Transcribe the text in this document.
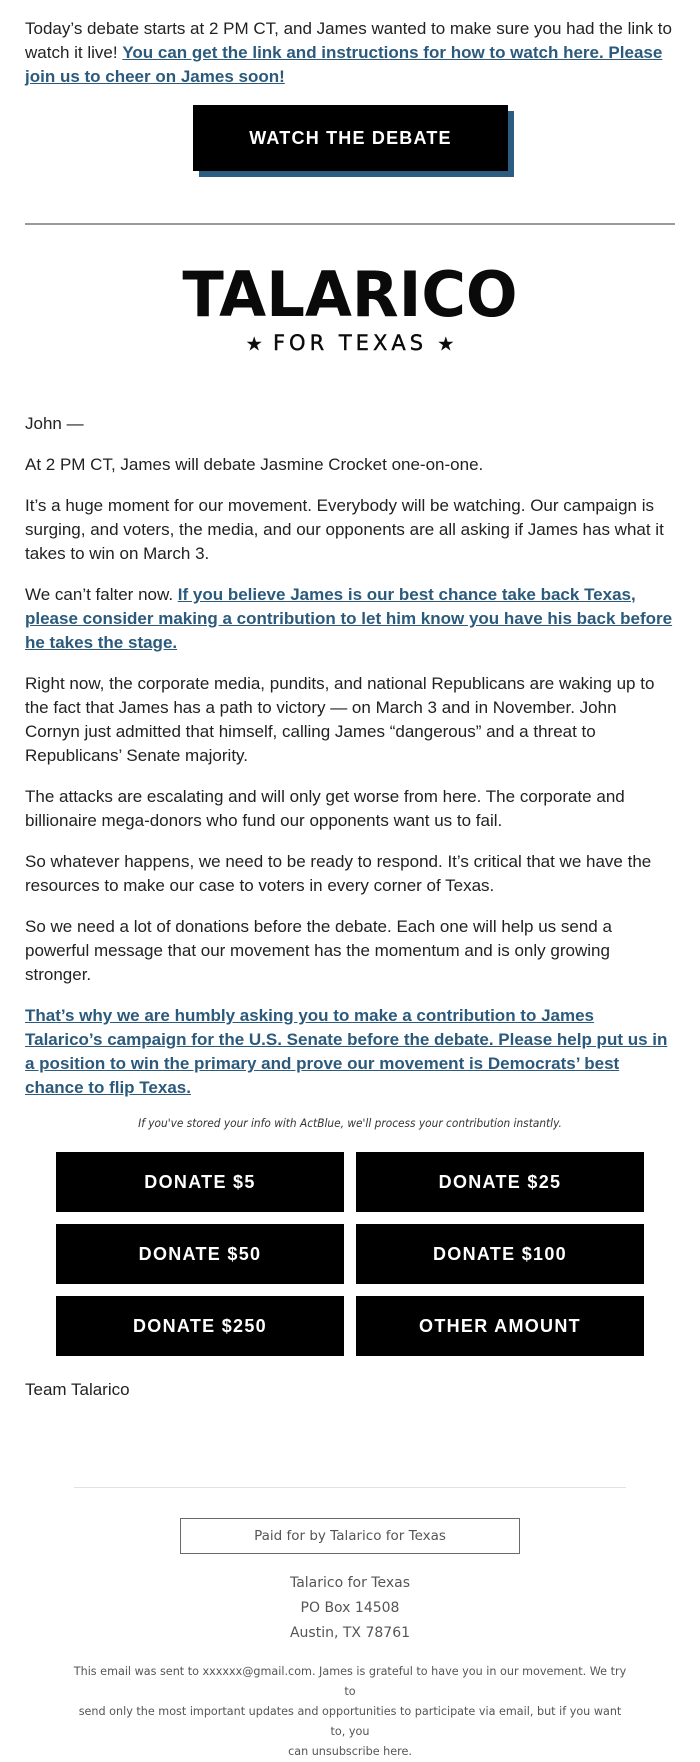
Today’s debate starts at 2 PM CT, and James wanted to make sure you had the link to watch it live! You can get the link and instructions for how to watch here. Please join us to cheer on James soon!

WATCH THE DEBATE
TALARICO
★ FOR TEXAS ★

John —

At 2 PM CT, James will debate Jasmine Crocket one-on-one.

It’s a huge moment for our movement. Everybody will be watching. Our campaign is surging, and voters, the media, and our opponents are all asking if James has what it takes to win on March 3.

We can’t falter now. If you believe James is our best chance take back Texas, please consider making a contribution to let him know you have his back before he takes the stage.

Right now, the corporate media, pundits, and national Republicans are waking up to the fact that James has a path to victory — on March 3 and in November. John Cornyn just admitted that himself, calling James “dangerous” and a threat to Republicans’ Senate majority.

The attacks are escalating and will only get worse from here. The corporate and billionaire mega-donors who fund our opponents want us to fail.

So whatever happens, we need to be ready to respond. It’s critical that we have the resources to make our case to voters in every corner of Texas.

So we need a lot of donations before the debate. Each one will help us send a powerful message that our movement has the momentum and is only growing stronger.

That’s why we are humbly asking you to make a contribution to James Talarico’s campaign for the U.S. Senate before the debate. Please help put us in a position to win the primary and prove our movement is Democrats’ best chance to flip Texas.

If you've stored your info with ActBlue, we'll process your contribution instantly.
DONATE $5	DONATE $25
DONATE $50	DONATE $100
DONATE $250	OTHER AMOUNT
Team Talarico
Paid for by Talarico for Texas
Talarico for Texas
PO Box 14508
Austin, TX 78761
This email was sent to xxxxxx@gmail.com. James is grateful to have you in our movement. We try to
send only the most important updates and opportunities to participate via email, but if you want to, you
can unsubscribe here.
